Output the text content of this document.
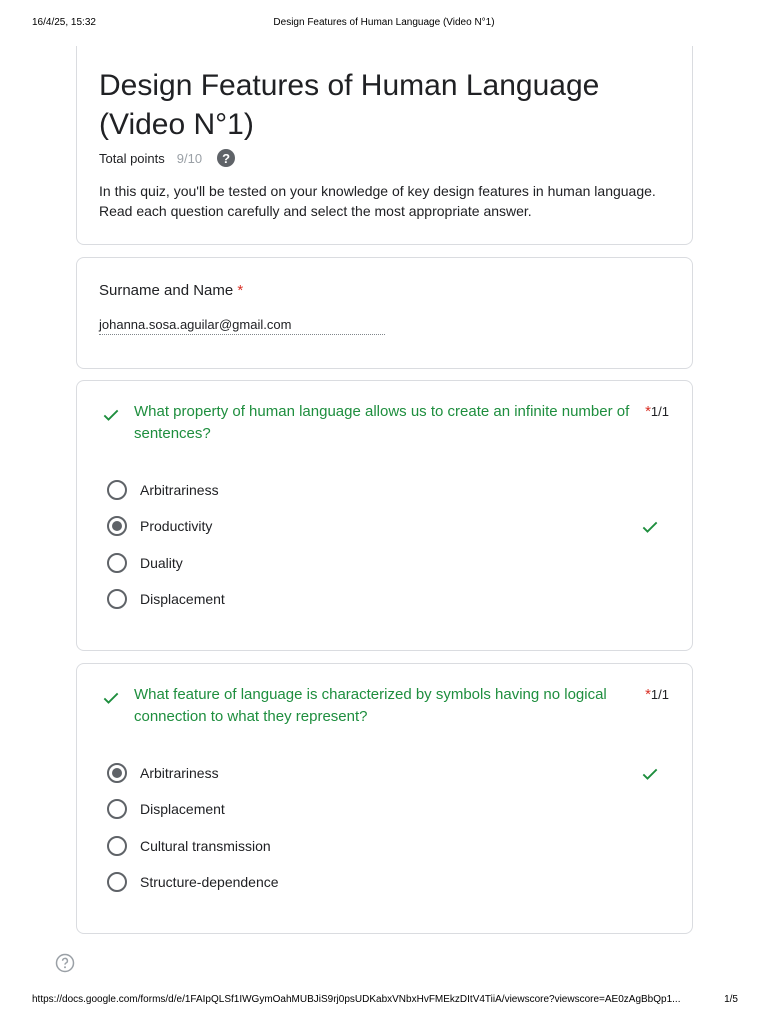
16/4/25, 15:32	Design Features of Human Language (Video N°1)
Design Features of Human Language (Video N°1)
Total points 9/10	?
In this quiz, you'll be tested on your knowledge of key design features in human language. Read each question carefully and select the most appropriate answer.
Surname and Name *
johanna.sosa.aguilar@gmail.com
What property of human language allows us to create an infinite number of sentences?
*1/1
Arbitrariness
Productivity
Duality
Displacement
What feature of language is characterized by symbols having no logical connection to what they represent?
*1/1
Arbitrariness
Displacement
Cultural transmission
Structure-dependence
https://docs.google.com/forms/d/e/1FAIpQLSf1IWGymOahMUBJiS9rj0psUDKabxVNbxHvFMEkzDItV4TiiA/viewscore?viewscore=AE0zAgBbQp1...	1/5
